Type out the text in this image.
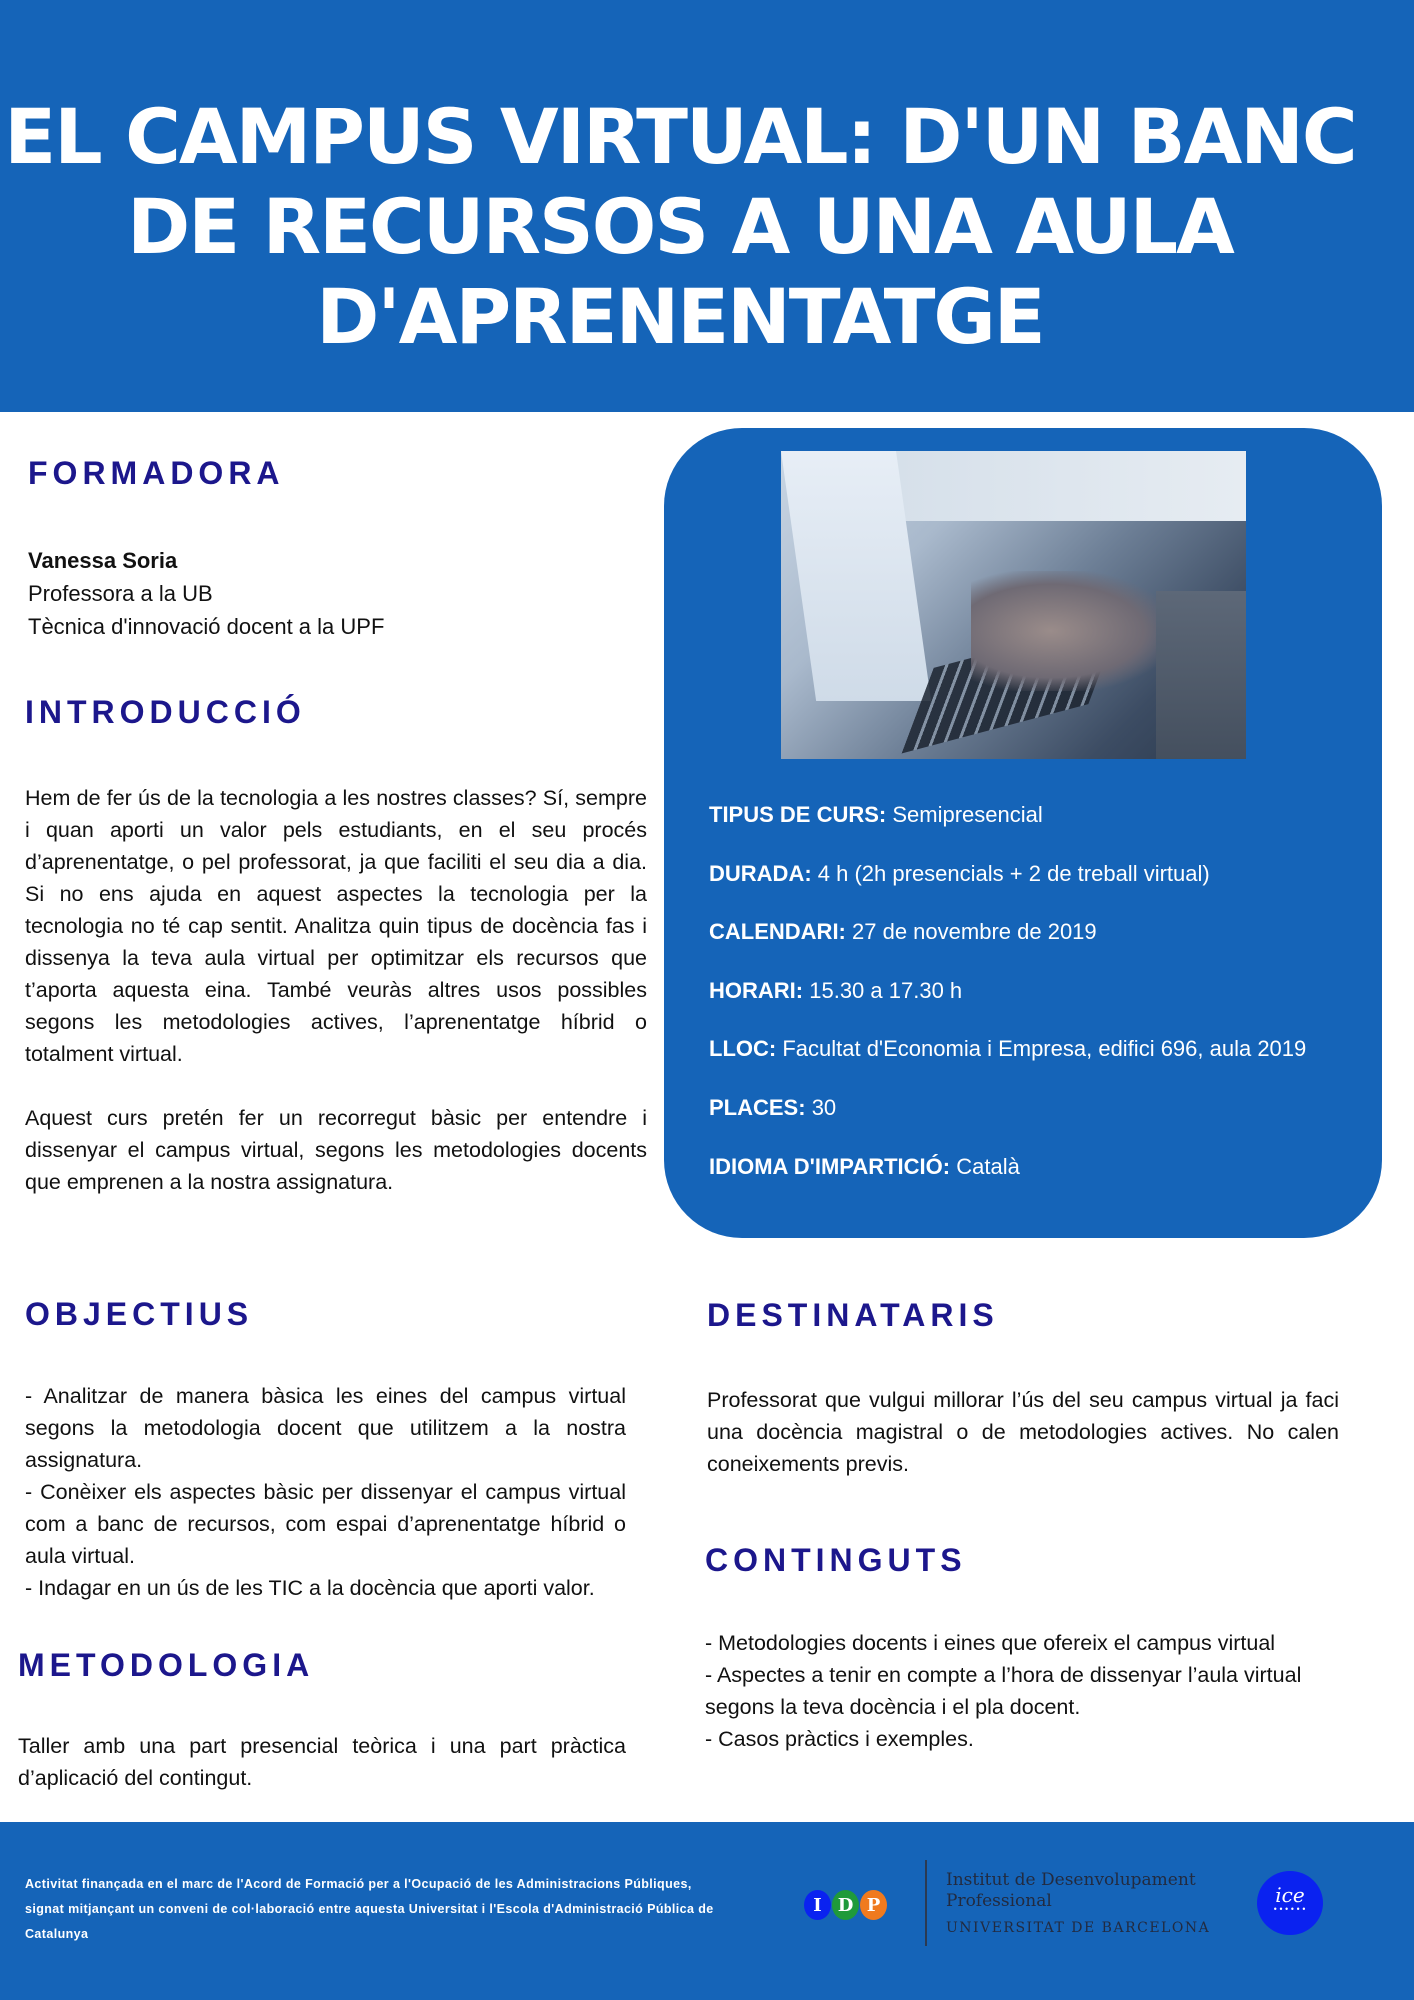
EL CAMPUS VIRTUAL: D'UN BANC DE RECURSOS A UNA AULA D'APRENENTATGE
FORMADORA
Vanessa Soria
Professora a la UB
Tècnica d'innovació docent a la UPF
INTRODUCCIÓ

Hem de fer ús de la tecnologia a les nostres classes? Sí, sempre i quan aporti un valor pels estudiants, en el seu procés d’aprenentatge, o pel professorat, ja que faciliti el seu dia a dia. Si no ens ajuda en aquest aspectes la tecnologia per la tecnologia no té cap sentit. Analitza quin tipus de docència fas i dissenya la teva aula virtual per optimitzar els recursos que t’aporta aquesta eina. També veuràs altres usos possibles segons les metodologies actives, l’aprenentatge híbrid o totalment virtual.

Aquest curs pretén fer un recorregut bàsic per entendre i dissenyar el campus virtual, segons les metodologies docents que emprenen a la nostra assignatura.

TIPUS DE CURS: Semipresencial
DURADA: 4 h (2h presencials + 2 de treball virtual)
CALENDARI: 27 de novembre de 2019
HORARI: 15.30 a 17.30 h
LLOC: Facultat d'Economia i Empresa, edifici 696, aula 2019
PLACES: 30
IDIOMA D'IMPARTICIÓ: Català
OBJECTIUS

- Analitzar de manera bàsica les eines del campus virtual segons la metodologia docent que utilitzem a la nostra assignatura.

- Conèixer els aspectes bàsic per dissenyar el campus virtual com a banc de recursos, com espai d’aprenentatge híbrid o aula virtual.

- Indagar en un ús de les TIC a la docència que aporti valor.

METODOLOGIA

Taller amb una part presencial teòrica i una part pràctica d’aplicació del contingut.

DESTINATARIS

Professorat que vulgui millorar l’ús del seu campus virtual ja faci una docència magistral o de metodologies actives. No calen coneixements previs.

CONTINGUTS

- Metodologies docents i eines que ofereix el campus virtual

- Aspectes a tenir en compte a l’hora de dissenyar l’aula virtual segons la teva docència i el pla docent.

- Casos pràctics i exemples.

Activitat finançada en el marc de l'Acord de Formació per a l'Ocupació de les Administracions Públiques, signat mitjançant un conveni de col·laboració entre aquesta Universitat i l'Escola d'Administració Pública de Catalunya
I D P
Institut de Desenvolupament
Professional
UNIVERSITAT DE BARCELONA
ice
••••••
